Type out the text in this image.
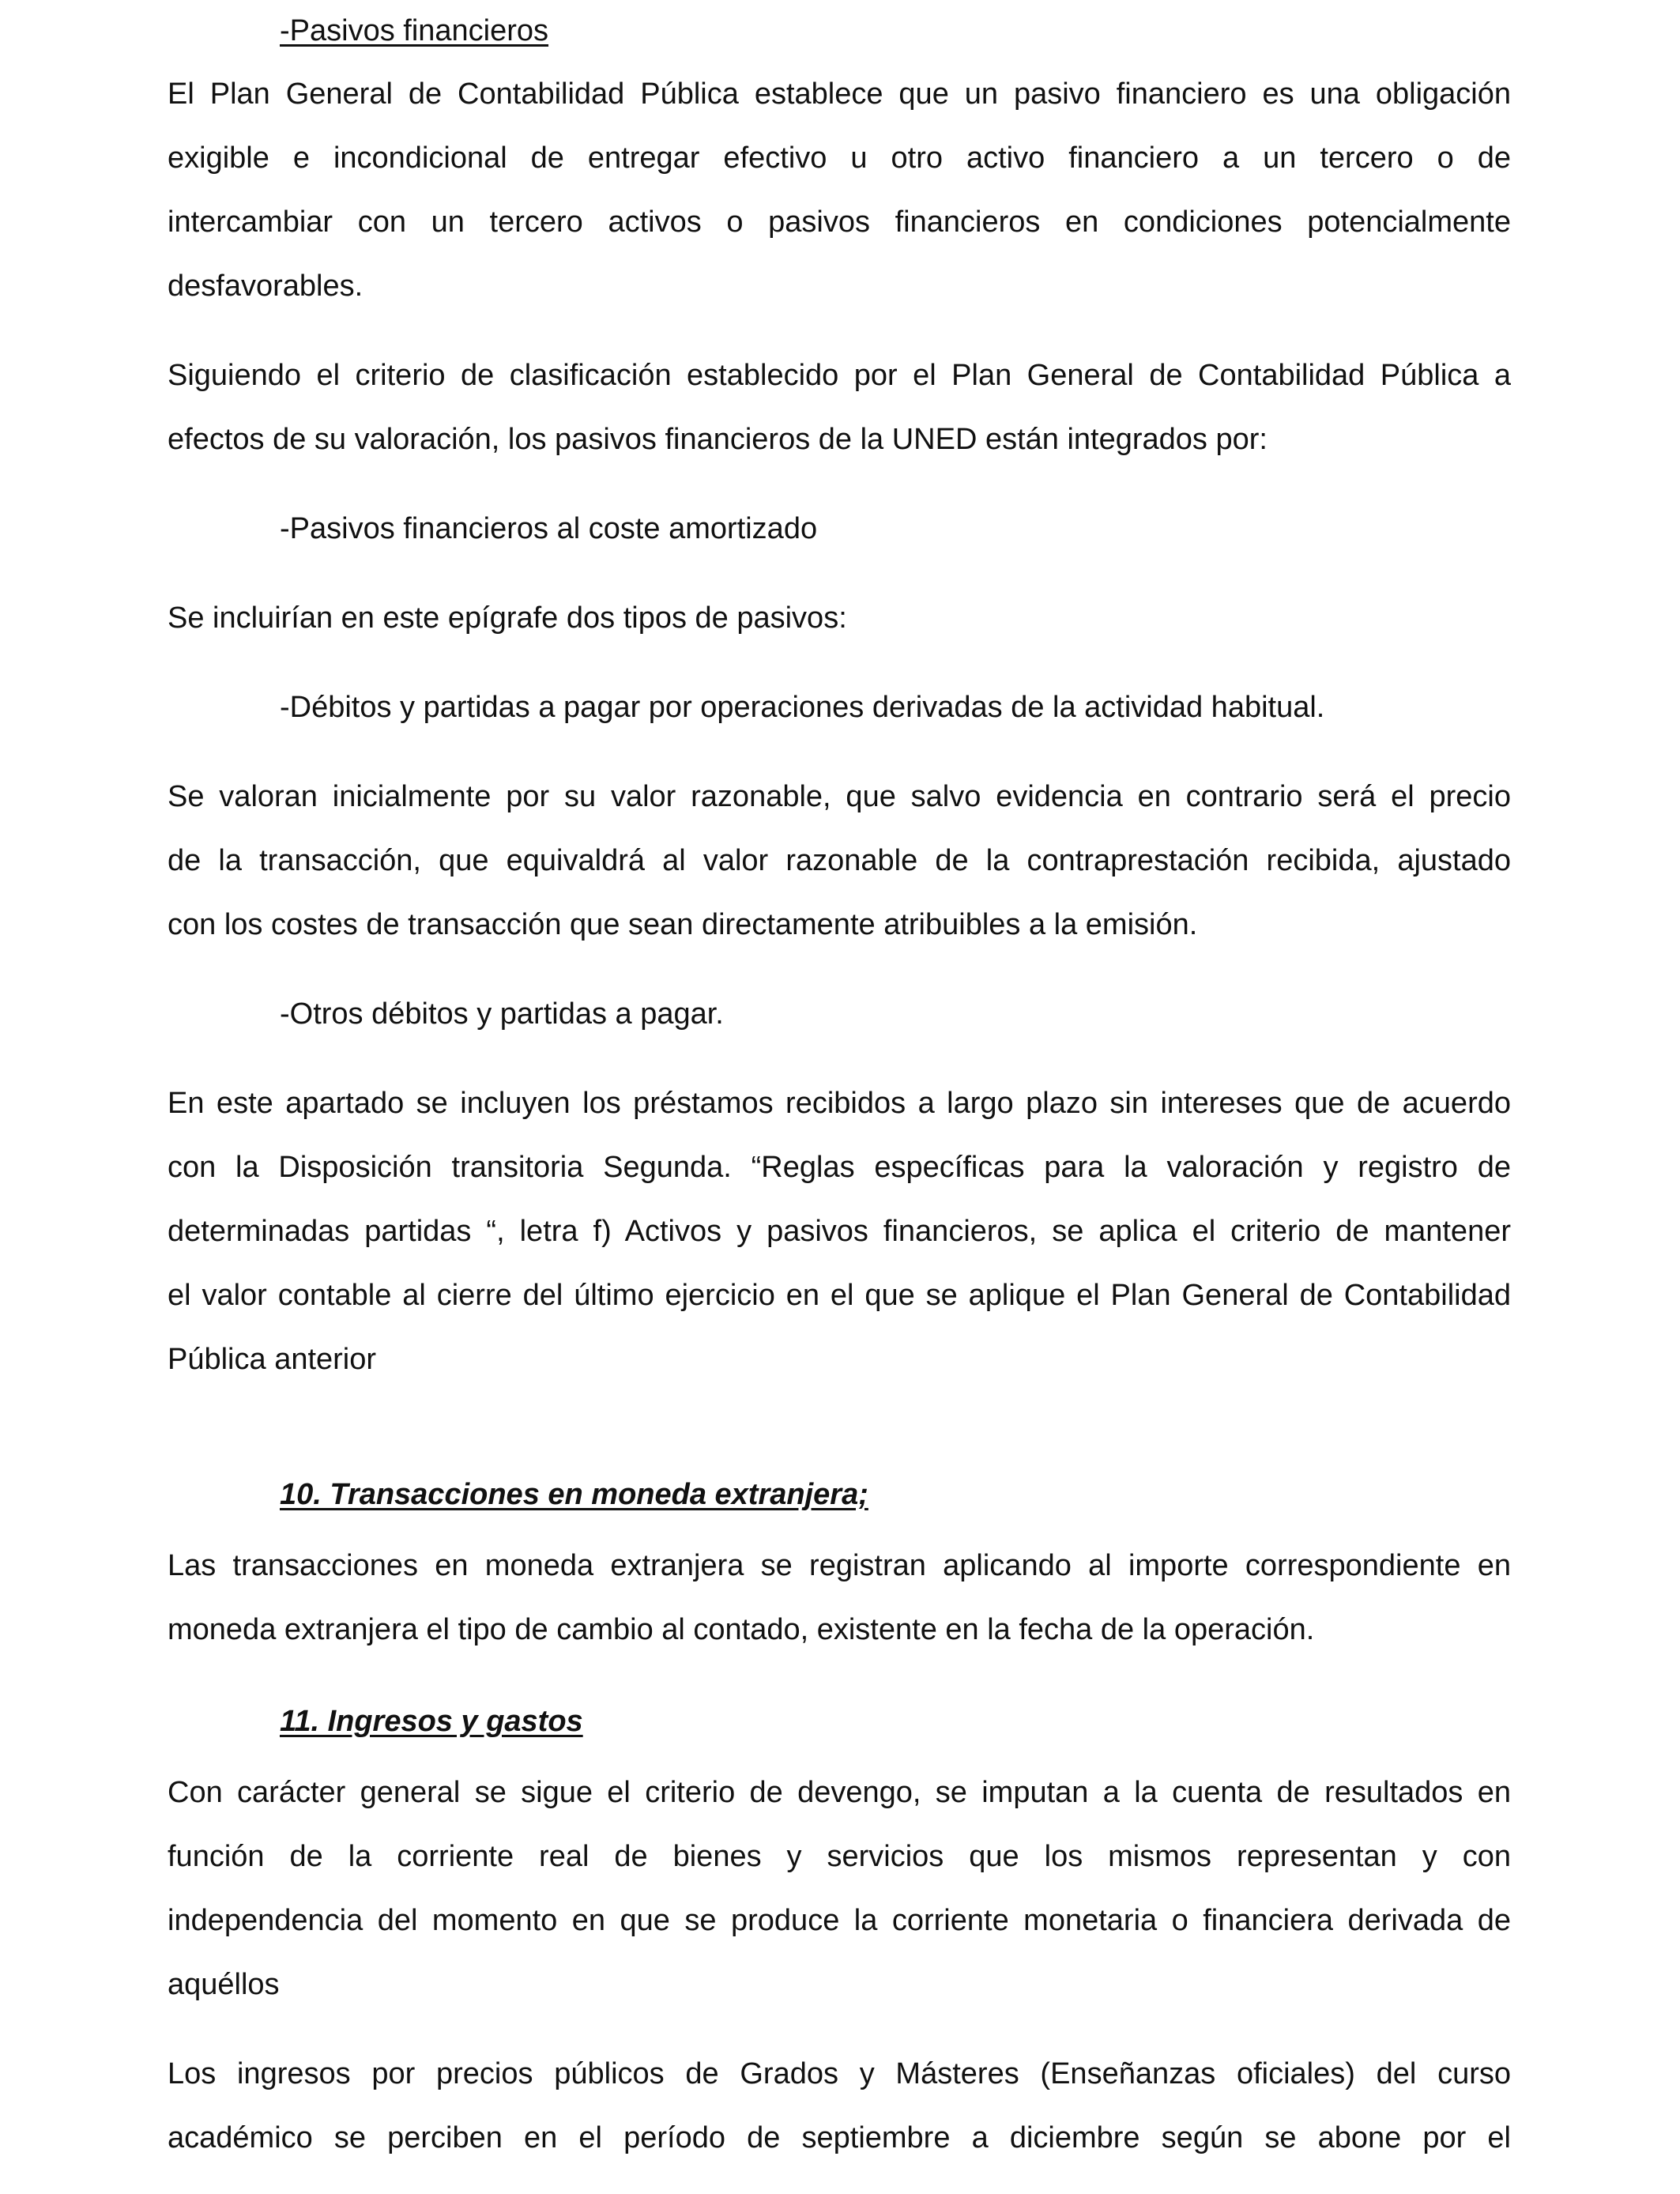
-Pasivos financieros
El Plan General de Contabilidad Pública establece que un pasivo financiero es una obligación
exigible e incondicional de entregar efectivo u otro activo financiero a un tercero o de
intercambiar con un tercero activos o pasivos financieros en condiciones potencialmente
desfavorables.
Siguiendo el criterio de clasificación establecido por el Plan General de Contabilidad Pública a
efectos de su valoración, los pasivos financieros de la UNED están integrados por:
-Pasivos financieros al coste amortizado
Se incluirían en este epígrafe dos tipos de pasivos:
-Débitos y partidas a pagar por operaciones derivadas de la actividad habitual.
Se valoran inicialmente por su valor razonable, que salvo evidencia en contrario será el precio
de la transacción, que equivaldrá al valor razonable de la contraprestación recibida, ajustado
con los costes de transacción que sean directamente atribuibles a la emisión.
-Otros débitos y partidas a pagar.
En este apartado se incluyen los préstamos recibidos a largo plazo sin intereses que de acuerdo
con la Disposición transitoria Segunda. “Reglas específicas para la valoración y registro de
determinadas partidas “, letra f) Activos y pasivos financieros, se aplica el criterio de mantener
el valor contable al cierre del último ejercicio en el que se aplique el Plan General de Contabilidad
Pública anterior
10. Transacciones en moneda extranjera;
Las transacciones en moneda extranjera se registran aplicando al importe correspondiente en
moneda extranjera el tipo de cambio al contado, existente en la fecha de la operación.
11. Ingresos y gastos
Con carácter general se sigue el criterio de devengo, se imputan a la cuenta de resultados en
función de la corriente real de bienes y servicios que los mismos representan y con
independencia del momento en que se produce la corriente monetaria o financiera derivada de
aquéllos
Los ingresos por precios públicos de Grados y Másteres (Enseñanzas oficiales) del curso
académico se perciben en el período de septiembre a diciembre según se abone por el
